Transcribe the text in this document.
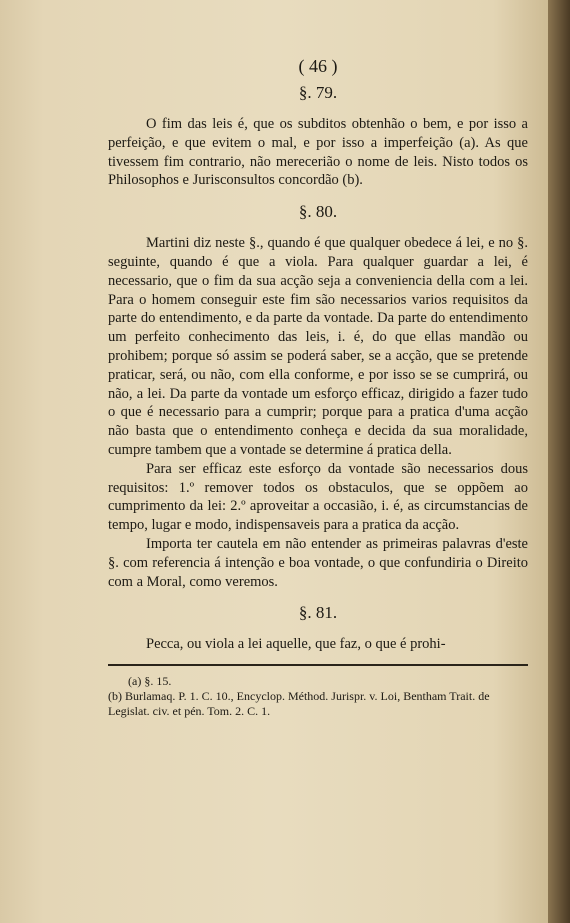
( 46 )
§. 79.

O fim das leis é, que os subditos obtenhão o bem, e por isso a perfeição, e que evitem o mal, e por isso a imperfeição (a). As que tivessem fim contrario, não merecerião o nome de leis. Nisto todos os Philosophos e Jurisconsultos concordão (b).

§. 80.

Martini diz neste §., quando é que qualquer obedece á lei, e no §. seguinte, quando é que a viola. Para qualquer guardar a lei, é necessario, que o fim da sua acção seja a conveniencia della com a lei. Para o homem conseguir este fim são necessarios varios requisitos da parte do entendimento, e da parte da vontade. Da parte do entendimento um perfeito conhecimento das leis, i. é, do que ellas mandão ou prohibem; porque só assim se poderá saber, se a acção, que se pretende praticar, será, ou não, com ella conforme, e por isso se se cumprirá, ou não, a lei. Da parte da vontade um esforço efficaz, dirigido a fazer tudo o que é necessario para a cumprir; porque para a pratica d'uma acção não basta que o entendimento conheça e decida da sua moralidade, cumpre tambem que a vontade se determine á pratica della.

Para ser efficaz este esforço da vontade são necessarios dous requisitos: 1.º remover todos os obstaculos, que se oppõem ao cumprimento da lei: 2.º aproveitar a occasião, i. é, as circumstancias de tempo, lugar e modo, indispensaveis para a pratica da acção.

Importa ter cautela em não entender as primeiras palavras d'este §. com referencia á intenção e boa vontade, o que confundiria o Direito com a Moral, como veremos.

§. 81.

Pecca, ou viola a lei aquelle, que faz, o que é prohi-

(a) §. 15.

(b) Burlamaq. P. 1. C. 10., Encyclop. Méthod. Jurispr. v. Loi, Bentham Trait. de Legislat. civ. et pén. Tom. 2. C. 1.
